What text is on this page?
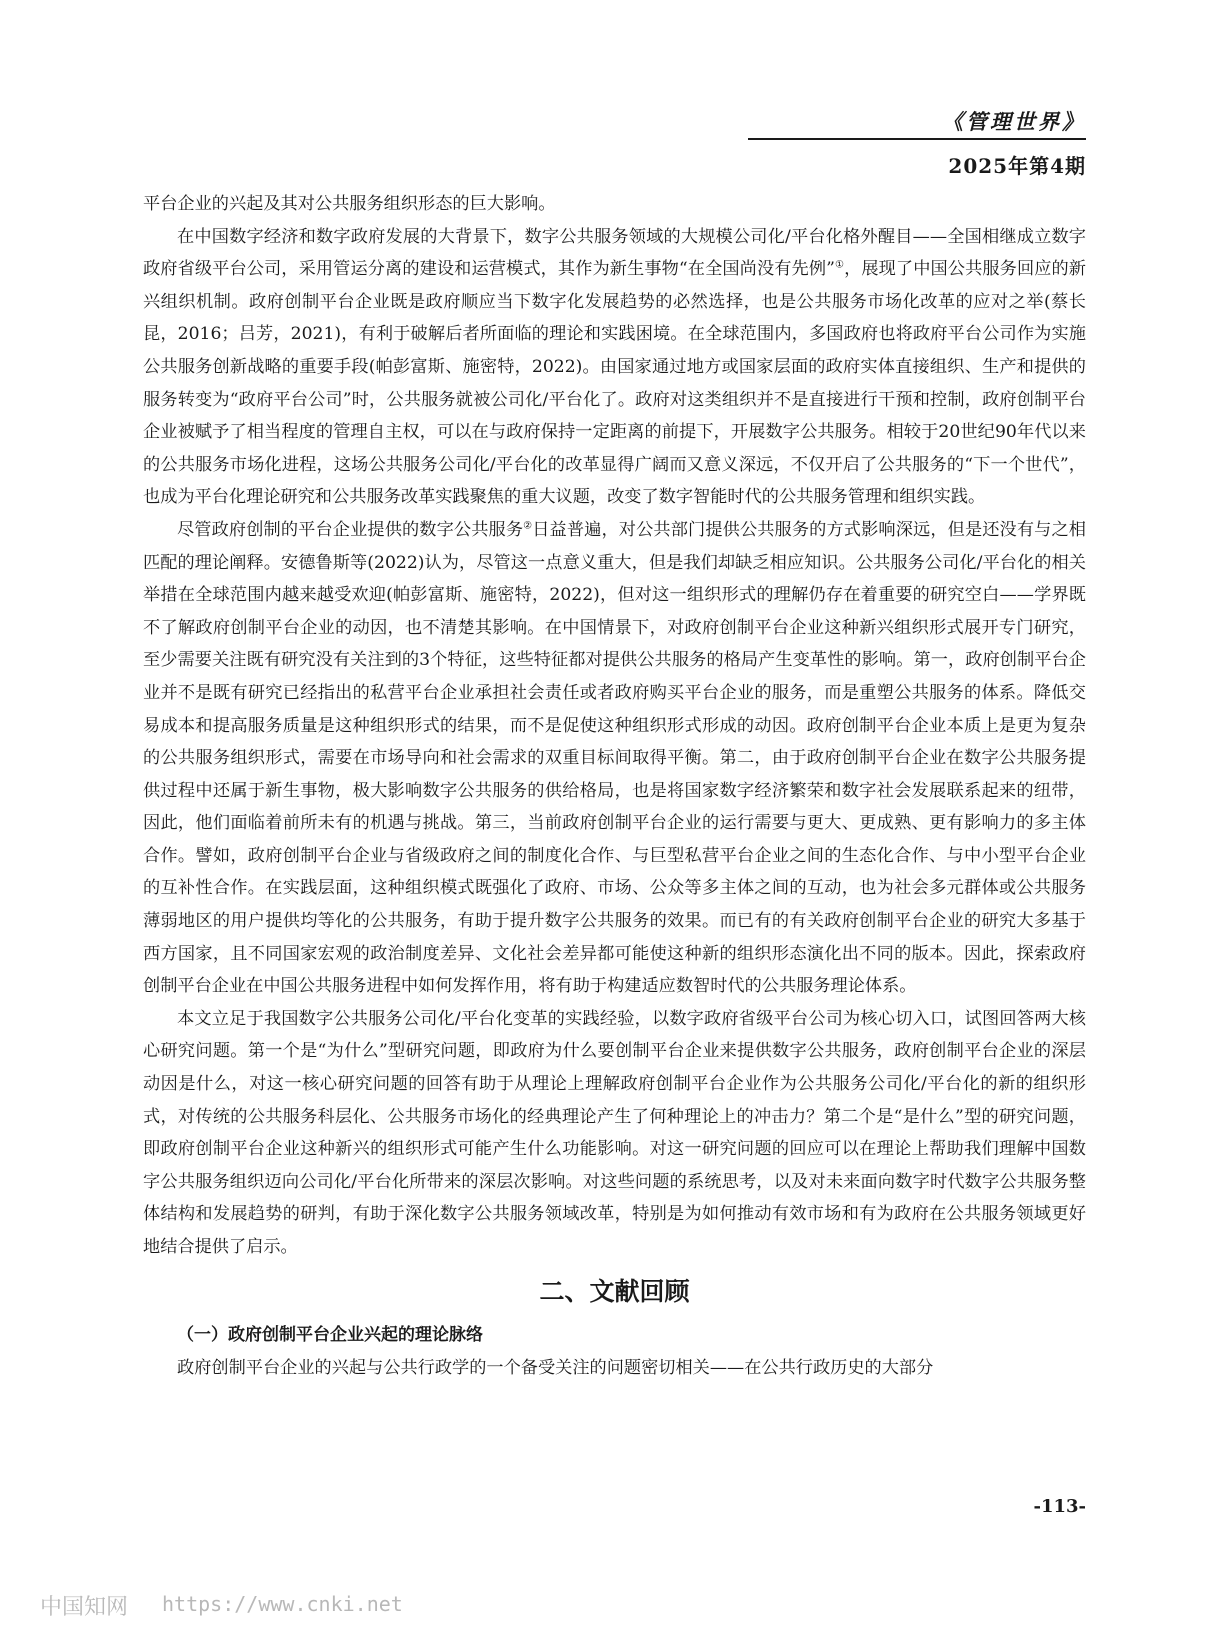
《管理世界》
2025年第4期

平台企业的兴起及其对公共服务组织形态的巨大影响。

在中国数字经济和数字政府发展的大背景下，数字公共服务领域的大规模公司化/平台化格外醒目——全国相继成立数字政府省级平台公司，采用管运分离的建设和运营模式，其作为新生事物“在全国尚没有先例”①，展现了中国公共服务回应的新兴组织机制。政府创制平台企业既是政府顺应当下数字化发展趋势的必然选择，也是公共服务市场化改革的应对之举(蔡长昆，2016；吕芳，2021)，有利于破解后者所面临的理论和实践困境。在全球范围内，多国政府也将政府平台公司作为实施公共服务创新战略的重要手段(帕彭富斯、施密特，2022)。由国家通过地方或国家层面的政府实体直接组织、生产和提供的服务转变为“政府平台公司”时，公共服务就被公司化/平台化了。政府对这类组织并不是直接进行干预和控制，政府创制平台企业被赋予了相当程度的管理自主权，可以在与政府保持一定距离的前提下，开展数字公共服务。相较于20世纪90年代以来的公共服务市场化进程，这场公共服务公司化/平台化的改革显得广阔而又意义深远，不仅开启了公共服务的“下一个世代”，也成为平台化理论研究和公共服务改革实践聚焦的重大议题，改变了数字智能时代的公共服务管理和组织实践。

尽管政府创制的平台企业提供的数字公共服务②日益普遍，对公共部门提供公共服务的方式影响深远，但是还没有与之相匹配的理论阐释。安德鲁斯等(2022)认为，尽管这一点意义重大，但是我们却缺乏相应知识。公共服务公司化/平台化的相关举措在全球范围内越来越受欢迎(帕彭富斯、施密特，2022)，但对这一组织形式的理解仍存在着重要的研究空白——学界既不了解政府创制平台企业的动因，也不清楚其影响。在中国情景下，对政府创制平台企业这种新兴组织形式展开专门研究，至少需要关注既有研究没有关注到的3个特征，这些特征都对提供公共服务的格局产生变革性的影响。第一，政府创制平台企业并不是既有研究已经指出的私营平台企业承担社会责任或者政府购买平台企业的服务，而是重塑公共服务的体系。降低交易成本和提高服务质量是这种组织形式的结果，而不是促使这种组织形式形成的动因。政府创制平台企业本质上是更为复杂的公共服务组织形式，需要在市场导向和社会需求的双重目标间取得平衡。第二，由于政府创制平台企业在数字公共服务提供过程中还属于新生事物，极大影响数字公共服务的供给格局，也是将国家数字经济繁荣和数字社会发展联系起来的纽带，因此，他们面临着前所未有的机遇与挑战。第三，当前政府创制平台企业的运行需要与更大、更成熟、更有影响力的多主体合作。譬如，政府创制平台企业与省级政府之间的制度化合作、与巨型私营平台企业之间的生态化合作、与中小型平台企业的互补性合作。在实践层面，这种组织模式既强化了政府、市场、公众等多主体之间的互动，也为社会多元群体或公共服务薄弱地区的用户提供均等化的公共服务，有助于提升数字公共服务的效果。而已有的有关政府创制平台企业的研究大多基于西方国家，且不同国家宏观的政治制度差异、文化社会差异都可能使这种新的组织形态演化出不同的版本。因此，探索政府创制平台企业在中国公共服务进程中如何发挥作用，将有助于构建适应数智时代的公共服务理论体系。

本文立足于我国数字公共服务公司化/平台化变革的实践经验，以数字政府省级平台公司为核心切入口，试图回答两大核心研究问题。第一个是“为什么”型研究问题，即政府为什么要创制平台企业来提供数字公共服务，政府创制平台企业的深层动因是什么，对这一核心研究问题的回答有助于从理论上理解政府创制平台企业作为公共服务公司化/平台化的新的组织形式，对传统的公共服务科层化、公共服务市场化的经典理论产生了何种理论上的冲击力？第二个是“是什么”型的研究问题，即政府创制平台企业这种新兴的组织形式可能产生什么功能影响。对这一研究问题的回应可以在理论上帮助我们理解中国数字公共服务组织迈向公司化/平台化所带来的深层次影响。对这些问题的系统思考，以及对未来面向数字时代数字公共服务整体结构和发展趋势的研判，有助于深化数字公共服务领域改革，特别是为如何推动有效市场和有为政府在公共服务领域更好地结合提供了启示。

二、文献回顾

（一）政府创制平台企业兴起的理论脉络

政府创制平台企业的兴起与公共行政学的一个备受关注的问题密切相关——在公共行政历史的大部分

-113-
中国知网 https://www.cnki.net
